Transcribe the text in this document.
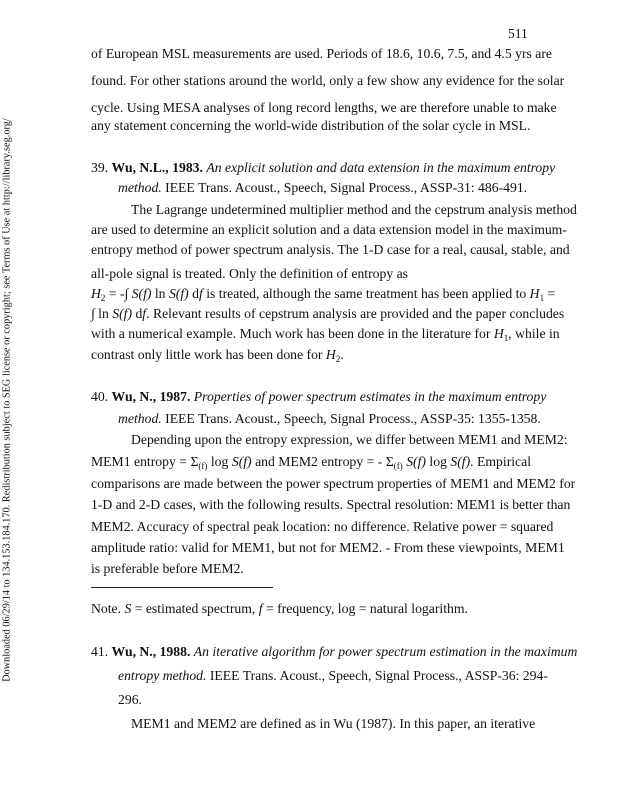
511
Downloaded 06/29/14 to 134.153.184.170. Redistribution subject to SEG license or copyright; see Terms of Use at http://library.seg.org/
of European MSL measurements are used. Periods of 18.6, 10.6, 7.5, and 4.5 yrs are
found. For other stations around the world, only a few show any evidence for the solar
cycle. Using MESA analyses of long record lengths, we are therefore unable to make
any statement concerning the world-wide distribution of the solar cycle in MSL.
39. Wu, N.L., 1983. An explicit solution and data extension in the maximum entropy
method. IEEE Trans. Acoust., Speech, Signal Process., ASSP-31: 486-491.
The Lagrange undetermined multiplier method and the cepstrum analysis method
are used to determine an explicit solution and a data extension model in the maximum-
entropy method of power spectrum analysis. The 1-D case for a real, causal, stable, and
all-pole signal is treated. Only the definition of entropy as
$H_2$ = -∫ S(f) ln S(f) df is treated, although the same treatment has been applied to $H_1$ =
∫ ln S(f) df. Relevant results of cepstrum analysis are provided and the paper concludes
with a numerical example. Much work has been done in the literature for $H_1$, while in
contrast only little work has been done for $H_2$.
40. Wu, N., 1987. Properties of power spectrum estimates in the maximum entropy
method. IEEE Trans. Acoust., Speech, Signal Process., ASSP-35: 1355-1358.
Depending upon the entropy expression, we differ between MEM1 and MEM2:
MEM1 entropy = $\Sigma_{(f)}$ log S(f) and MEM2 entropy = - $\Sigma_{(f)}$ S(f) log S(f). Empirical
comparisons are made between the power spectrum properties of MEM1 and MEM2 for
1-D and 2-D cases, with the following results. Spectral resolution: MEM1 is better than
MEM2. Accuracy of spectral peak location: no difference. Relative power = squared
amplitude ratio: valid for MEM1, but not for MEM2. - From these viewpoints, MEM1
is preferable before MEM2.
Note. S = estimated spectrum, f = frequency, log = natural logarithm.
41. Wu, N., 1988. An iterative algorithm for power spectrum estimation in the maximum
entropy method. IEEE Trans. Acoust., Speech, Signal Process., ASSP-36: 294-
296.
MEM1 and MEM2 are defined as in Wu (1987). In this paper, an iterative
